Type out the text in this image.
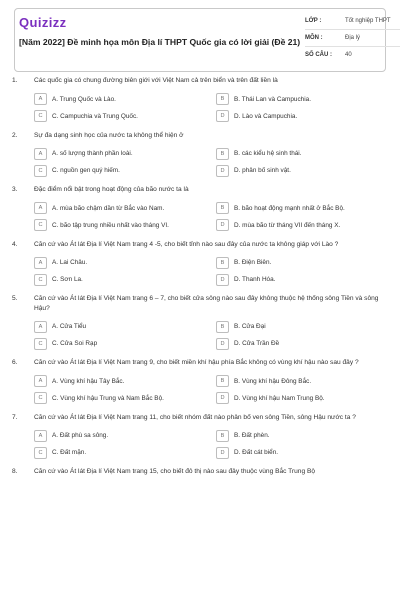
Quizizz
[Năm 2022] Đề minh họa môn Địa lí THPT Quốc gia có lời giải (Đề 21)
LỚP :	Tốt nghiệp THPT
MÔN :	Địa lý
SỐ CÂU :	40
1.	Các quốc gia có chung đường biên giới với Việt Nam cả trên biển và trên đất liền là
A	A. Trung Quốc và Lào.	B	B. Thái Lan và Campuchia.
C	C. Campuchia và Trung Quốc.	D	D. Lào và Campuchia.
2.	Sự đa dạng sinh học của nước ta không thể hiện ở
A	A. số lượng thành phần loài.	B	B. các kiểu hệ sinh thái.
C	C. nguồn gen quý hiếm.	D	D. phân bố sinh vật.
3.	Đặc điểm nổi bật trong hoạt động của bão nước ta là
A	A. mùa bão chậm dần từ Bắc vào Nam.	B	B. bão hoạt động mạnh nhất ở Bắc Bộ.
C	C. bão tập trung nhiều nhất vào tháng VI.	D	D. mùa bão từ tháng VII đến tháng X.
4.	Căn cứ vào Át lát Địa lí Việt Nam trang 4 -5, cho biết tỉnh nào sau đây của nước ta không giáp với Lào ?
A	A. Lai Châu.	B	B. Điện Biên.
C	C. Sơn La.	D	D. Thanh Hóa.
5.	Căn cứ vào Át lát Địa lí Việt Nam trang 6 – 7, cho biết cửa sông nào sau đây không thuộc hệ thống sông Tiền và sông Hậu?
A	A. Cửa Tiểu	B	B. Cửa Đại
C	C. Cửa Soi Rạp	D	D. Cửa Trần Đề
6.	Căn cứ vào Át lát Địa lí Việt Nam trang 9, cho biết miền khí hậu phía Bắc không có vùng khí hậu nào sau đây ?
A	A. Vùng khí hậu Tây Bắc.	B	B. Vùng khí hậu Đông Bắc.
C	C. Vùng khí hậu Trung và Nam Bắc Bộ.	D	D. Vùng khí hậu Nam Trung Bộ.
7.	Căn cứ vào Át lát Địa lí Việt Nam trang 11, cho biết nhóm đất nào phân bố ven sông Tiền, sông Hậu nước ta ?
A	A. Đất phù sa sông.	B	B. Đất phèn.
C	C. Đất mặn.	D	D. Đất cát biển.
8.	Căn cứ vào Át lát Địa lí Việt Nam trang 15, cho biết đô thị nào sau đây thuộc vùng Bắc Trung Bộ
